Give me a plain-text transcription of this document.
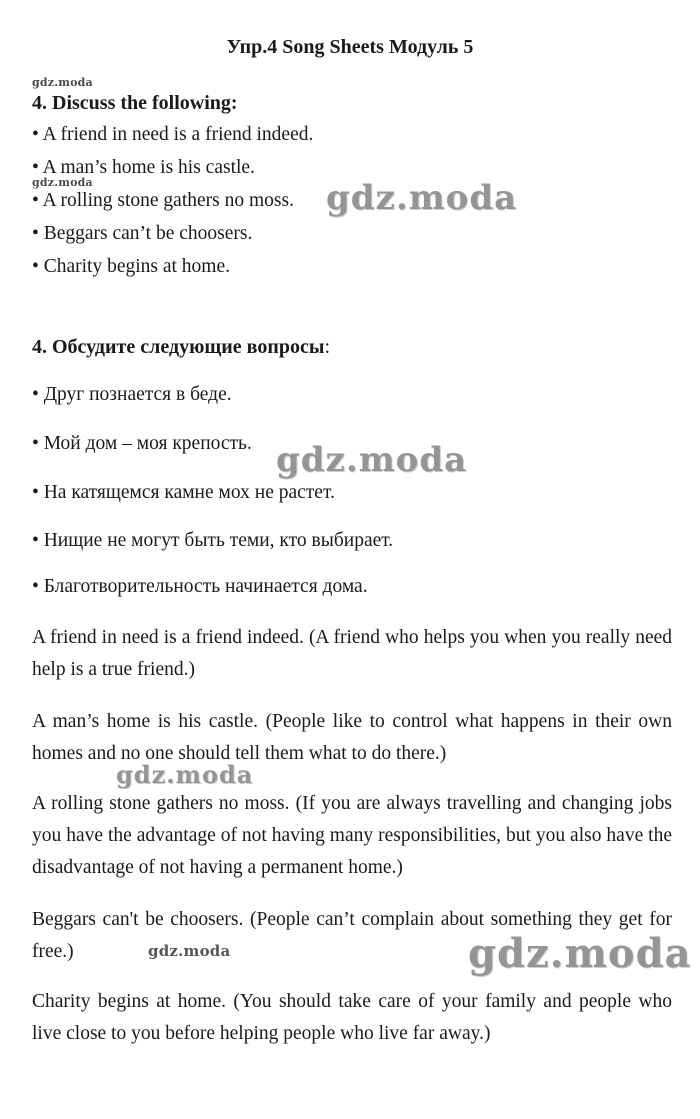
Упр.4 Song Sheets Модуль 5
gdz.moda
4. Discuss the following:
• A friend in need is a friend indeed.
• A man’s home is his castle.
gdz.moda
• A rolling stone gathers no moss. gdz.moda
• Beggars can’t be choosers.
• Charity begins at home.
4. Обсудите следующие вопросы:
• Друг познается в беде.
• Мой дом – моя крепость. gdz.moda
• На катящемся камне мох не растет.
• Нищие не могут быть теми, кто выбирает.
• Благотворительность начинается дома.
A friend in need is a friend indeed. (A friend who helps you when you really need help is a true friend.)
A man’s home is his castle. (People like to control what happens in their own homes and no one should tell them what to do there.)
gdz.moda
A rolling stone gathers no moss. (If you are always travelling and changing jobs you have the advantage of not having many responsibilities, but you also have the disadvantage of not having a permanent home.)
Beggars can't be choosers. (People can’t complain about something they get for free.)	gdz.moda	gdz.moda
Charity begins at home. (You should take care of your family and people who live close to you before helping people who live far away.)
